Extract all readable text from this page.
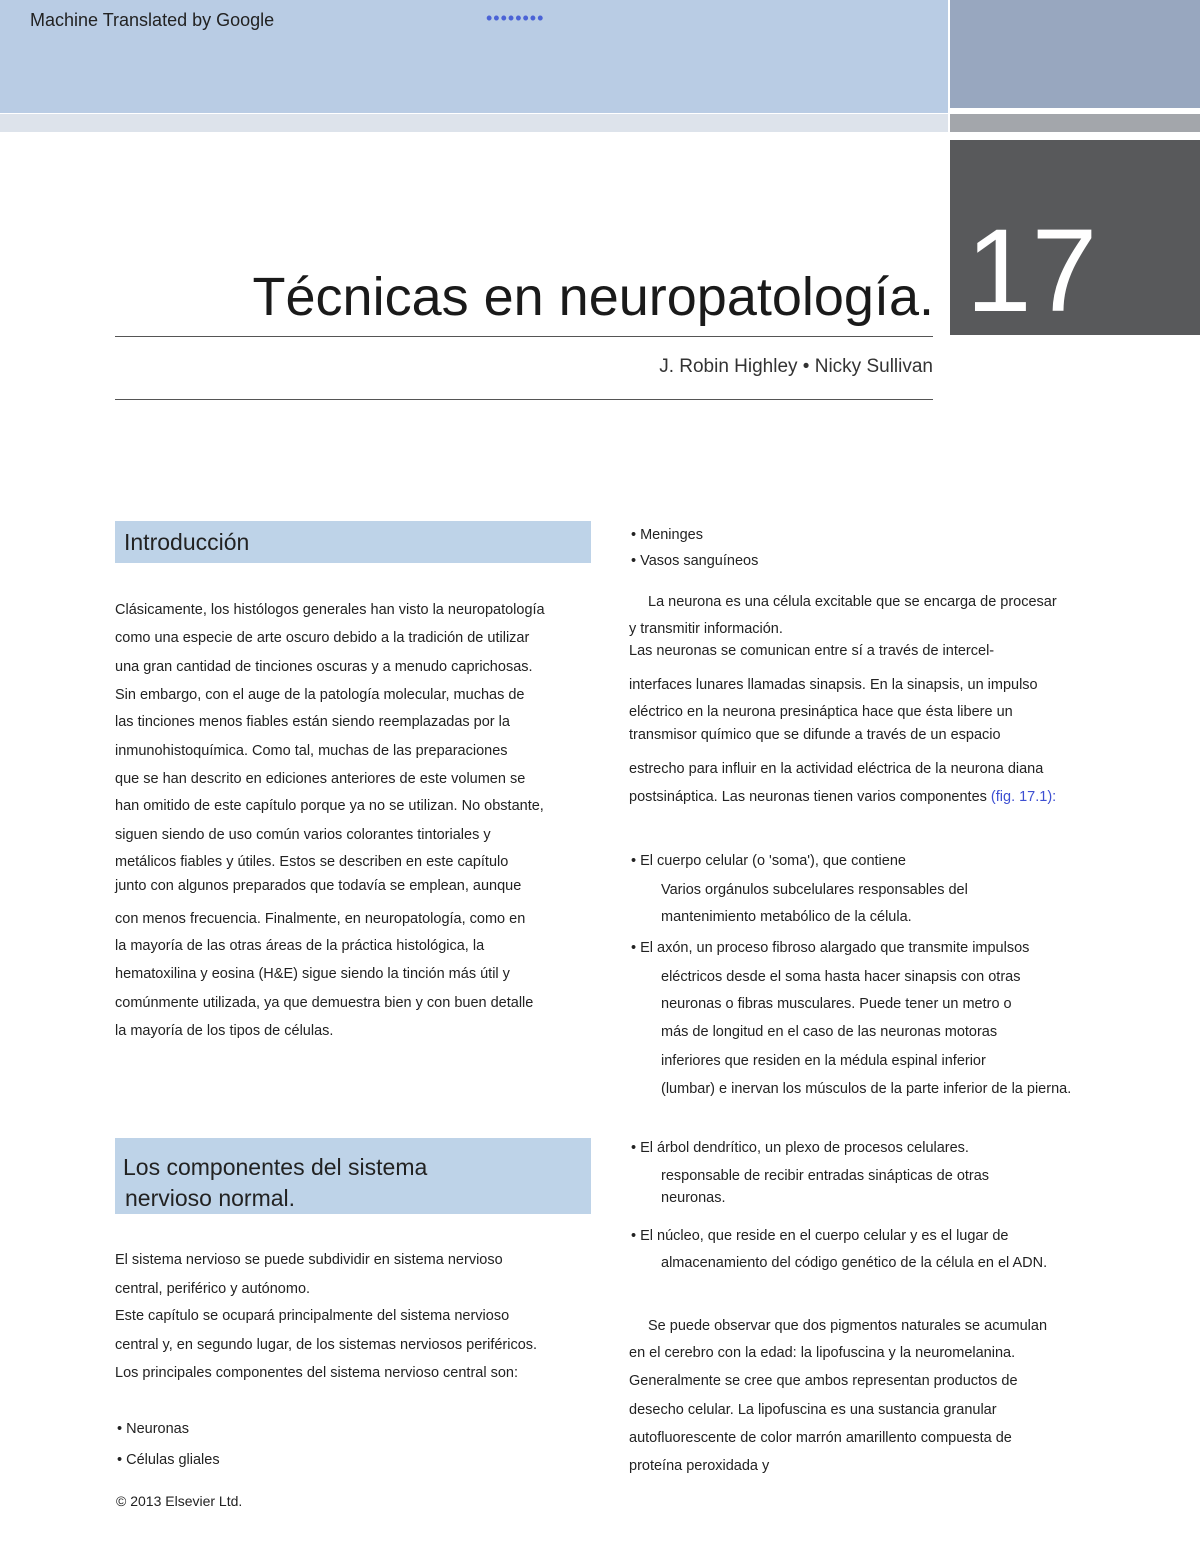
Machine Translated by Google	••••••••
17
Técnicas en neuropatología.
J. Robin Highley • Nicky Sullivan
Introducción
Clásicamente, los histólogos generales han visto la neuropatología
como una especie de arte oscuro debido a la tradición de utilizar
una gran cantidad de tinciones oscuras y a menudo caprichosas.
Sin embargo, con el auge de la patología molecular, muchas de
las tinciones menos fiables están siendo reemplazadas por la
inmunohistoquímica. Como tal, muchas de las preparaciones
que se han descrito en ediciones anteriores de este volumen se
han omitido de este capítulo porque ya no se utilizan. No obstante,
siguen siendo de uso común varios colorantes tintoriales y
metálicos fiables y útiles. Estos se describen en este capítulo
junto con algunos preparados que todavía se emplean, aunque
con menos frecuencia. Finalmente, en neuropatología, como en
la mayoría de las otras áreas de la práctica histológica, la
hematoxilina y eosina (H&E) sigue siendo la tinción más útil y
comúnmente utilizada, ya que demuestra bien y con buen detalle
la mayoría de los tipos de células.
Los componentes del sistema
nervioso normal.
El sistema nervioso se puede subdividir en sistema nervioso
central, periférico y autónomo.
Este capítulo se ocupará principalmente del sistema nervioso
central y, en segundo lugar, de los sistemas nerviosos periféricos.
Los principales componentes del sistema nervioso central son:
• Neuronas
• Células gliales
© 2013 Elsevier Ltd.
• Meninges
• Vasos sanguíneos
La neurona es una célula excitable que se encarga de procesar
y transmitir información.
Las neuronas se comunican entre sí a través de intercel-
interfaces lunares llamadas sinapsis. En la sinapsis, un impulso
eléctrico en la neurona presináptica hace que ésta libere un
transmisor químico que se difunde a través de un espacio
estrecho para influir en la actividad eléctrica de la neurona diana
postsináptica. Las neuronas tienen varios componentes (fig. 17.1):
• El cuerpo celular (o 'soma'), que contiene
Varios orgánulos subcelulares responsables del
mantenimiento metabólico de la célula.
• El axón, un proceso fibroso alargado que transmite impulsos
eléctricos desde el soma hasta hacer sinapsis con otras
neuronas o fibras musculares. Puede tener un metro o
más de longitud en el caso de las neuronas motoras
inferiores que residen en la médula espinal inferior
(lumbar) e inervan los músculos de la parte inferior de la pierna.
• El árbol dendrítico, un plexo de procesos celulares.
responsable de recibir entradas sinápticas de otras
neuronas.
• El núcleo, que reside en el cuerpo celular y es el lugar de
almacenamiento del código genético de la célula en el ADN.
Se puede observar que dos pigmentos naturales se acumulan
en el cerebro con la edad: la lipofuscina y la neuromelanina.
Generalmente se cree que ambos representan productos de
desecho celular. La lipofuscina es una sustancia granular
autofluorescente de color marrón amarillento compuesta de
proteína peroxidada y
